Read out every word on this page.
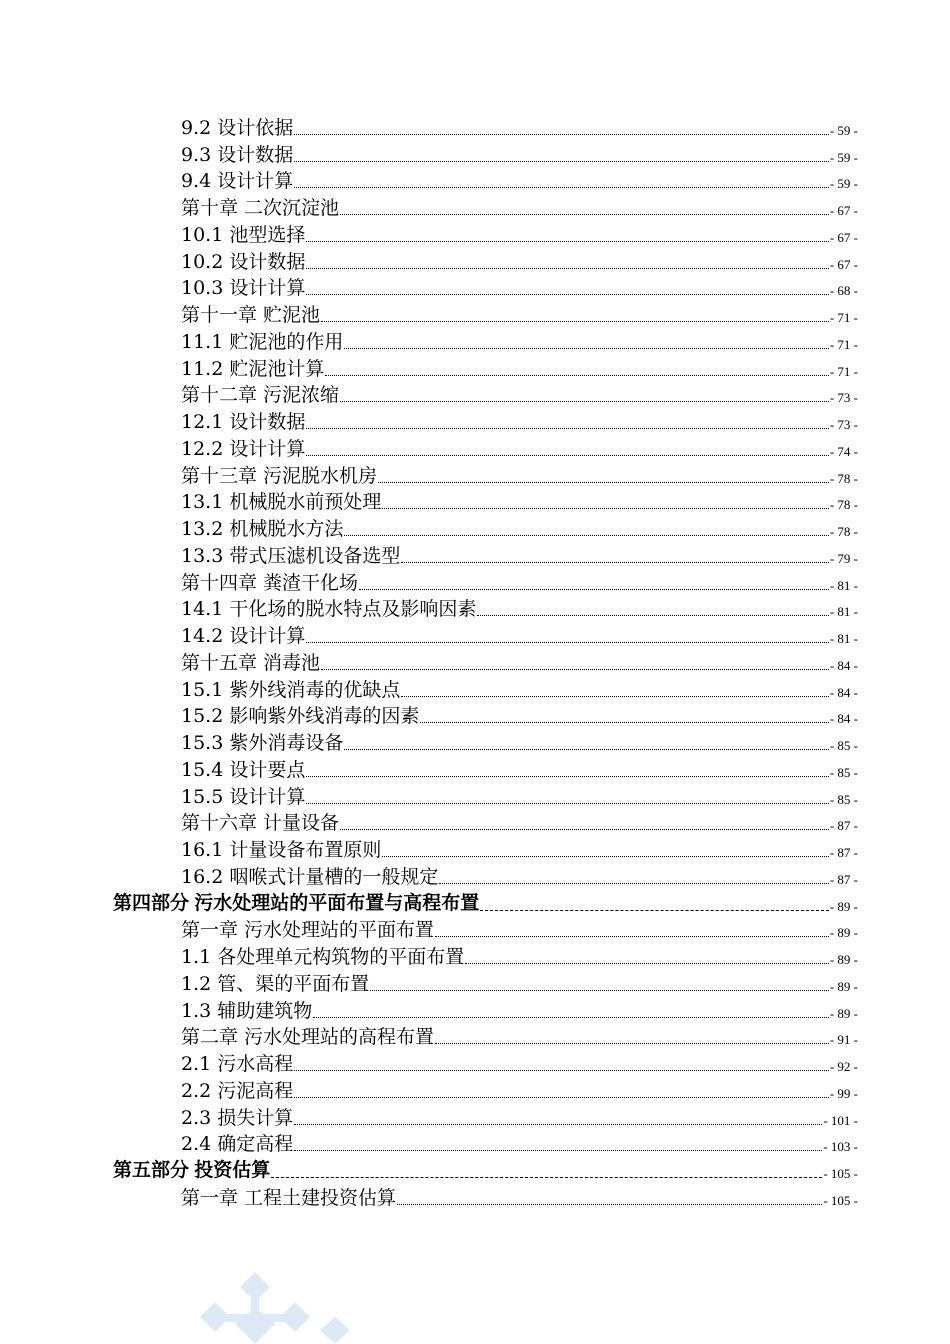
9.2 设计依据	- 59 -
9.3 设计数据	- 59 -
9.4 设计计算	- 59 -
第十章 二次沉淀池	- 67 -
10.1 池型选择	- 67 -
10.2 设计数据	- 67 -
10.3 设计计算	- 68 -
第十一章 贮泥池	- 71 -
11.1 贮泥池的作用	- 71 -
11.2 贮泥池计算	- 71 -
第十二章 污泥浓缩	- 73 -
12.1 设计数据	- 73 -
12.2 设计计算	- 74 -
第十三章 污泥脱水机房	- 78 -
13.1 机械脱水前预处理	- 78 -
13.2 机械脱水方法	- 78 -
13.3 带式压滤机设备选型	- 79 -
第十四章 粪渣干化场	- 81 -
14.1 干化场的脱水特点及影响因素	- 81 -
14.2 设计计算	- 81 -
第十五章 消毒池	- 84 -
15.1 紫外线消毒的优缺点	- 84 -
15.2 影响紫外线消毒的因素	- 84 -
15.3 紫外消毒设备	- 85 -
15.4 设计要点	- 85 -
15.5 设计计算	- 85 -
第十六章 计量设备	- 87 -
16.1 计量设备布置原则	- 87 -
16.2 咽喉式计量槽的一般规定	- 87 -
第四部分 污水处理站的平面布置与高程布置	- 89 -
第一章 污水处理站的平面布置	- 89 -
1.1 各处理单元构筑物的平面布置	- 89 -
1.2 管、渠的平面布置	- 89 -
1.3 辅助建筑物	- 89 -
第二章 污水处理站的高程布置	- 91 -
2.1 污水高程	- 92 -
2.2 污泥高程	- 99 -
2.3 损失计算	- 101 -
2.4 确定高程	- 103 -
第五部分 投资估算	- 105 -
第一章 工程土建投资估算	- 105 -
